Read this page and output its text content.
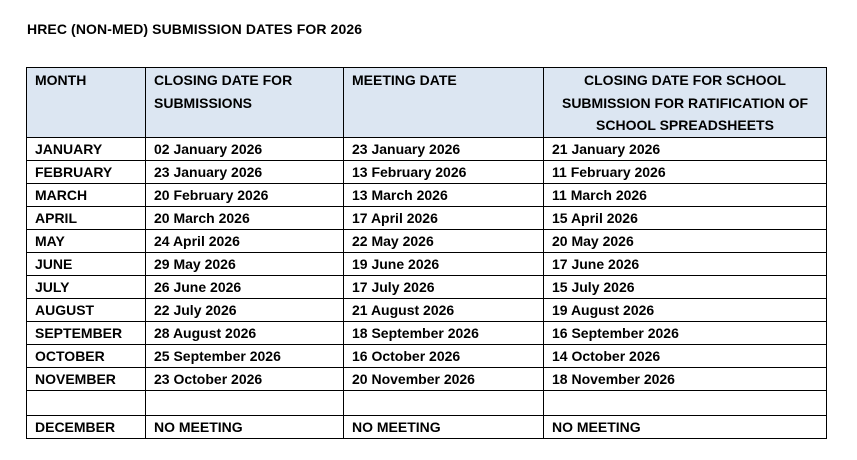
HREC (NON-MED) SUBMISSION DATES FOR 2026
MONTH	CLOSING DATE FOR SUBMISSIONS	MEETING DATE	CLOSING DATE FOR SCHOOL SUBMISSION FOR RATIFICATION OF SCHOOL SPREADSHEETS
JANUARY	02 January 2026	23 January 2026	21 January 2026
FEBRUARY	23 January 2026	13 February 2026	11 February 2026
MARCH	20 February 2026	13 March 2026	11 March 2026
APRIL	20 March 2026	17 April 2026	15 April 2026
MAY	24 April 2026	22 May 2026	20 May 2026
JUNE	29 May 2026	19 June 2026	17 June 2026
JULY	26 June 2026	17 July 2026	15 July 2026
AUGUST	22 July 2026	21 August 2026	19 August 2026
SEPTEMBER	28 August 2026	18 September 2026	16 September 2026
OCTOBER	25 September 2026	16 October 2026	14 October 2026
NOVEMBER	23 October 2026	20 November 2026	18 November 2026

DECEMBER	NO MEETING	NO MEETING	NO MEETING
